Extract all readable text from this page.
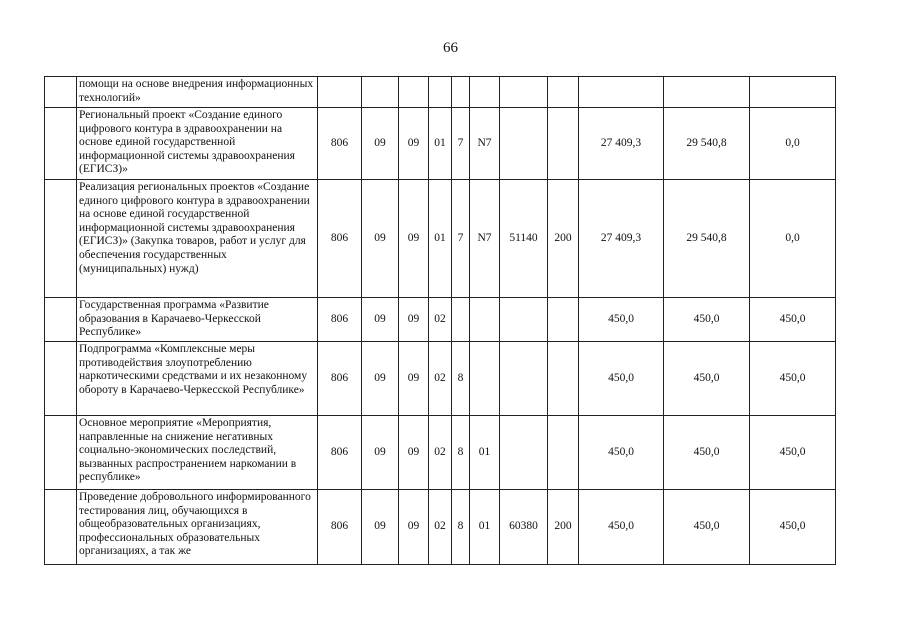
66
	помощи на основе внедрения информационных технологий»											
	Региональный проект «Создание единого цифрового контура в здравоохранении на основе единой государственной информационной системы здравоохранения (ЕГИСЗ)»	806	09	09	01	7	N7			27 409,3	29 540,8	0,0
	Реализация региональных проектов «Создание единого цифрового контура в здравоохранении на основе единой государственной информационной системы здравоохранения (ЕГИСЗ)» (Закупка товаров, работ и услуг для обеспечения государственных (муниципальных) нужд)	806	09	09	01	7	N7	51140	200	27 409,3	29 540,8	0,0
	Государственная программа «Развитие образования в Карачаево-Черкесской Республике»	806	09	09	02					450,0	450,0	450,0
	Подпрограмма «Комплексные меры противодействия злоупотреблению наркотическими средствами и их незаконному обороту в Карачаево-Черкесской Республике»	806	09	09	02	8				450,0	450,0	450,0
	Основное мероприятие «Мероприятия, направленные на снижение негативных социально-экономических последствий, вызванных распространением наркомании в республике»	806	09	09	02	8	01			450,0	450,0	450,0
	Проведение добровольного информированного тестирования лиц, обучающихся в общеобразовательных организациях, профессиональных образовательных организациях, а так же	806	09	09	02	8	01	60380	200	450,0	450,0	450,0
